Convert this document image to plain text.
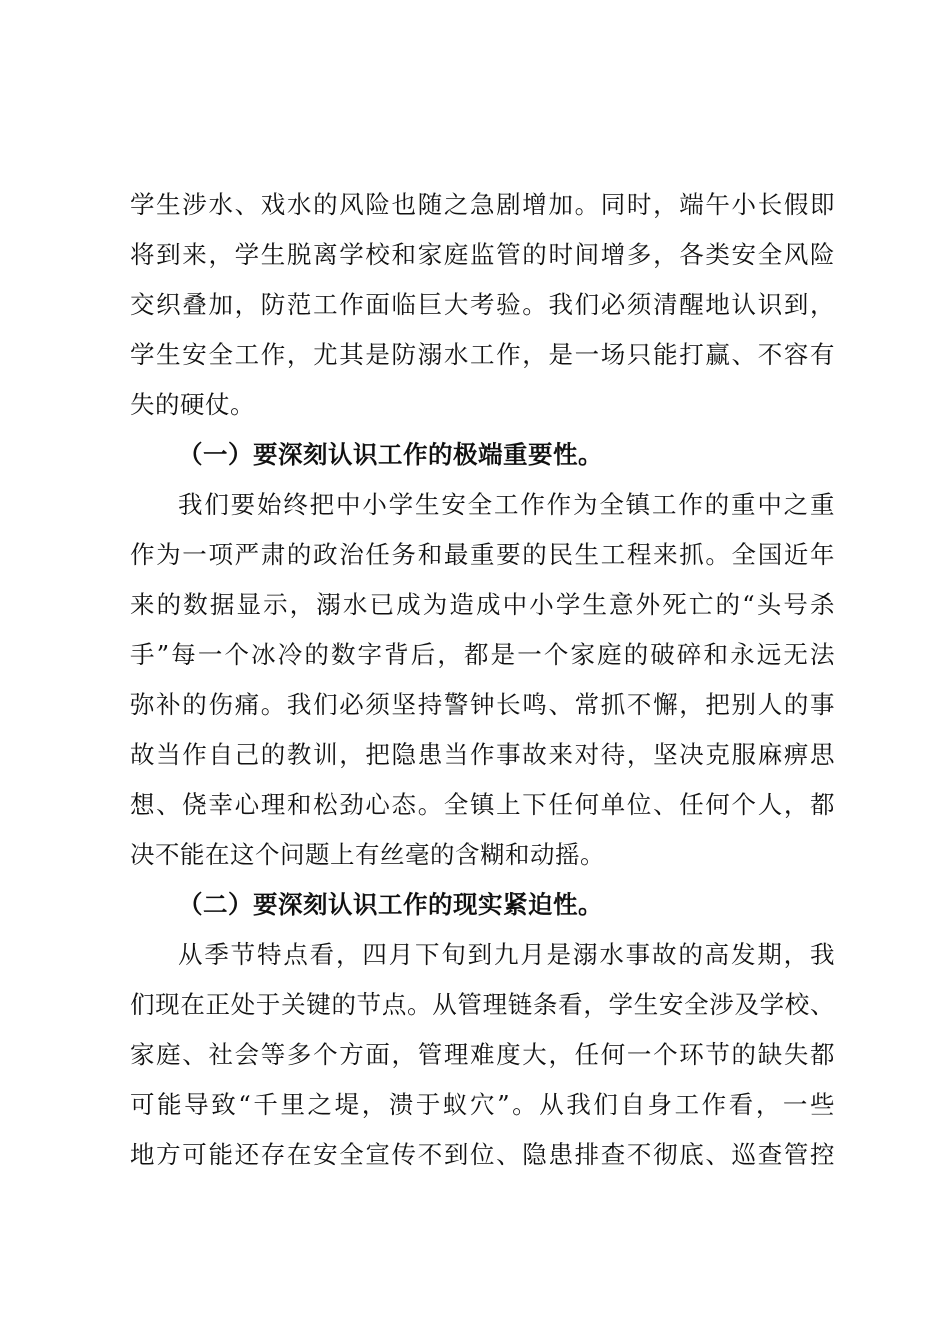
学生涉水、戏水的风险也随之急剧增加。同时，端午小长假即
将到来，学生脱离学校和家庭监管的时间增多，各类安全风险
交织叠加，防范工作面临巨大考验。我们必须清醒地认识到，
学生安全工作，尤其是防溺水工作，是一场只能打赢、不容有
失的硬仗。
（一）要深刻认识工作的极端重要性。
我们要始终把中小学生安全工作作为全镇工作的重中之重
作为一项严肃的政治任务和最重要的民生工程来抓。全国近年
来的数据显示，溺水已成为造成中小学生意外死亡的“头号杀
手”每一个冰冷的数字背后，都是一个家庭的破碎和永远无法
弥补的伤痛。我们必须坚持警钟长鸣、常抓不懈，把别人的事
故当作自己的教训，把隐患当作事故来对待，坚决克服麻痹思
想、侥幸心理和松劲心态。全镇上下任何单位、任何个人，都
决不能在这个问题上有丝毫的含糊和动摇。
（二）要深刻认识工作的现实紧迫性。
从季节特点看，四月下旬到九月是溺水事故的高发期，我
们现在正处于关键的节点。从管理链条看，学生安全涉及学校、
家庭、社会等多个方面，管理难度大，任何一个环节的缺失都
可能导致“千里之堤，溃于蚁穴”。从我们自身工作看，一些
地方可能还存在安全宣传不到位、隐患排查不彻底、巡查管控
